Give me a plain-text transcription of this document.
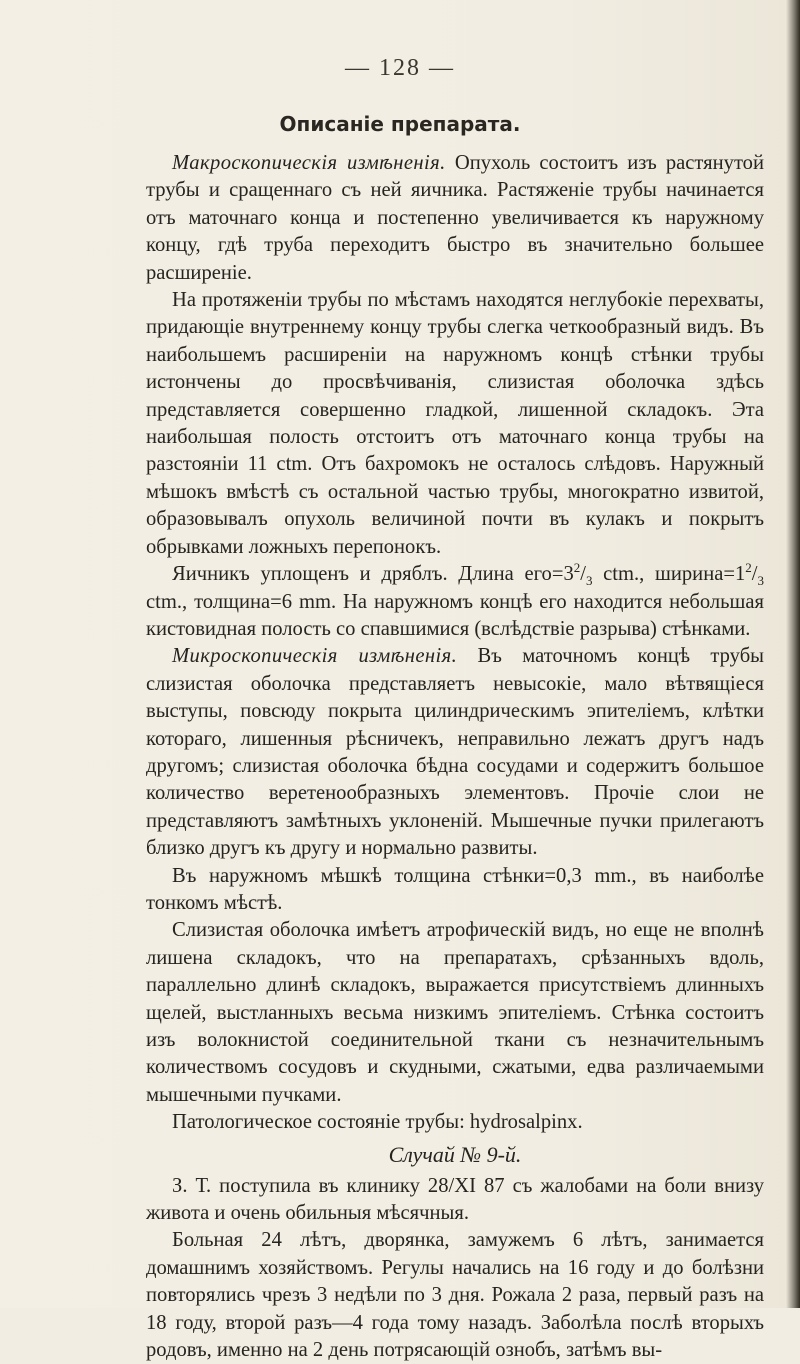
— 128 —
Описаніе препарата.

Макроскопическія измѣненія. Опухоль состоитъ изъ растянутой трубы и сращеннаго съ ней яичника. Растяженіе трубы начинается отъ маточнаго конца и постепенно увеличивается къ наружному концу, гдѣ труба переходитъ быстро въ значительно большее расширеніе.

На протяженіи трубы по мѣстамъ находятся неглубокіе перехваты, придающіе внутреннему концу трубы слегка четкообразный видъ. Въ наибольшемъ расширеніи на наружномъ концѣ стѣнки трубы истончены до просвѣчиванія, слизистая оболочка здѣсь представляется совершенно гладкой, лишенной складокъ. Эта наибольшая полость отстоитъ отъ маточнаго конца трубы на разстояніи 11 ctm. Отъ бахромокъ не осталось слѣдовъ. Наружный мѣшокъ вмѣстѣ съ остальной частью трубы, многократно извитой, образовывалъ опухоль величиной почти въ кулакъ и покрытъ обрывками ложныхъ перепонокъ.

Яичникъ уплощенъ и дряблъ. Длина $его=3^2/_3$ ctm., $ширина=1^2/_3$ ctm., толщина=6 mm. На наружномъ концѣ его находится небольшая кистовидная полость со спавшимися (вслѣдствіе разрыва) стѣнками.

Микроскопическія измѣненія. Въ маточномъ концѣ трубы слизистая оболочка представляетъ невысокіе, мало вѣтвящіеся выступы, повсюду покрыта цилиндрическимъ эпителіемъ, клѣтки котораго, лишенныя рѣсничекъ, неправильно лежатъ другъ надъ другомъ; слизистая оболочка бѣдна сосудами и содержитъ большое количество веретенообразныхъ элементовъ. Прочіе слои не представляютъ замѣтныхъ уклоненій. Мышечные пучки прилегаютъ близко другъ къ другу и нормально развиты.

Въ наружномъ мѣшкѣ толщина стѣнки=0,3 mm., въ наиболѣе тонкомъ мѣстѣ.

Слизистая оболочка имѣетъ атрофическій видъ, но еще не вполнѣ лишена складокъ, что на препаратахъ, срѣзанныхъ вдоль, параллельно длинѣ складокъ, выражается присутствіемъ длинныхъ щелей, выстланныхъ весьма низкимъ эпителіемъ. Стѣнка состоитъ изъ волокнистой соединительной ткани съ незначительнымъ количествомъ сосудовъ и скудными, сжатыми, едва различаемыми мышечными пучками.

Патологическое состояніе трубы: hydrosalpinx.

Случай № 9-й.

З. Т. поступила въ клинику 28/XI 87 съ жалобами на боли внизу живота и очень обильныя мѣсячныя.

Больная 24 лѣтъ, дворянка, замужемъ 6 лѣтъ, занимается домашнимъ хозяйствомъ. Регулы начались на 16 году и до болѣзни повторялись чрезъ 3 недѣли по 3 дня. Рожала 2 раза, первый разъ на 18 году, второй разъ—4 года тому назадъ. Заболѣла послѣ вторыхъ родовъ, именно на 2 день потрясающій ознобъ, затѣмъ вы-
